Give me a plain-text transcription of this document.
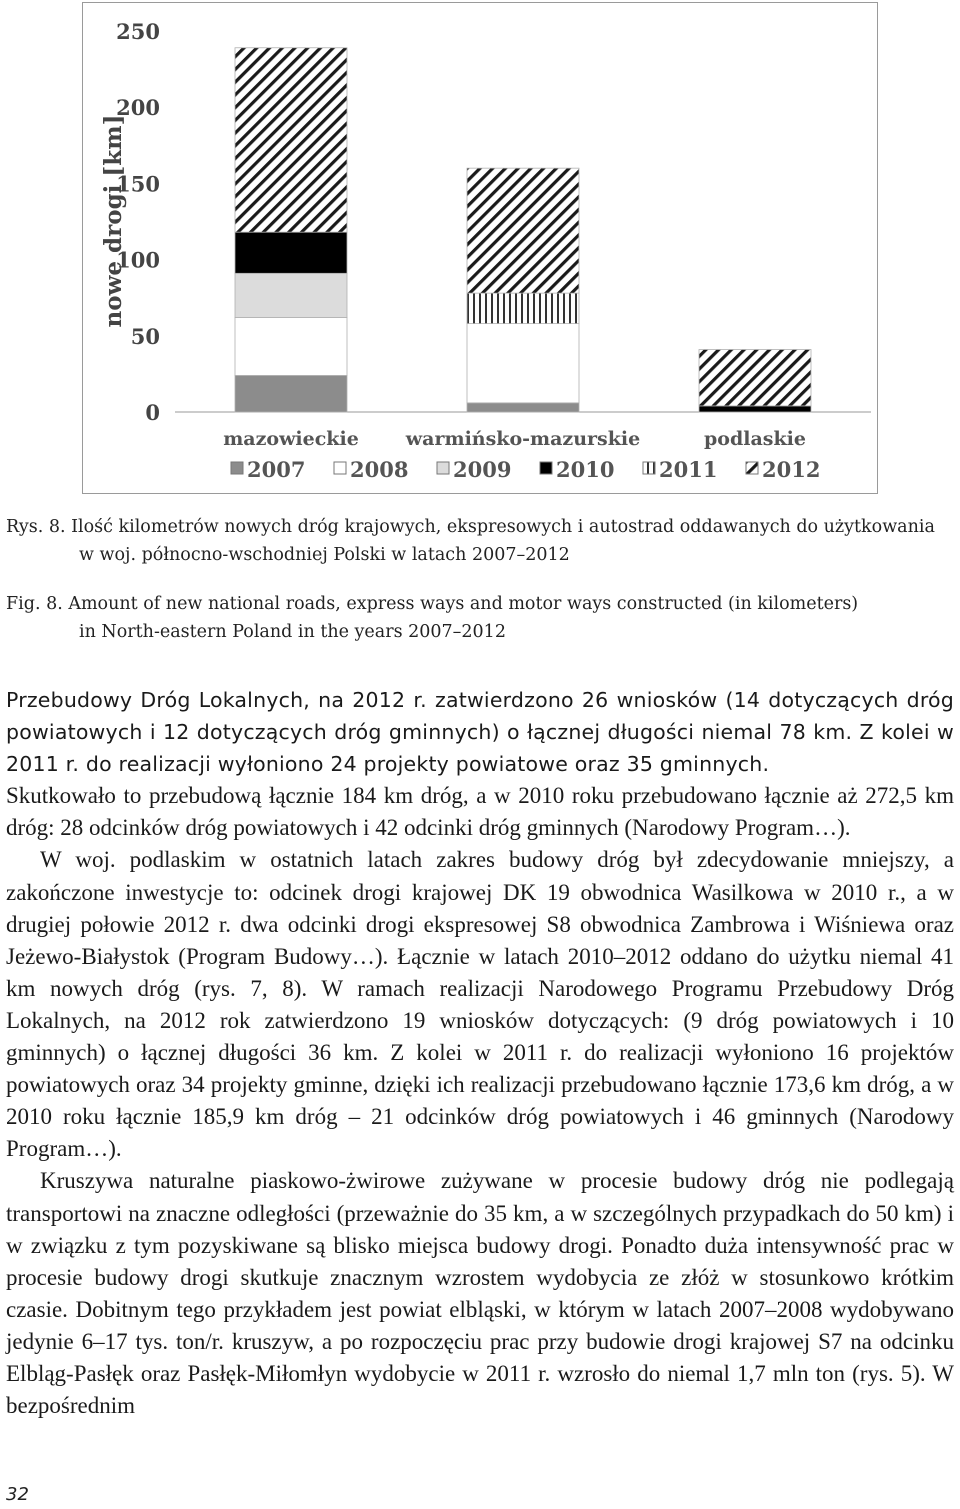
0
50
100
150
200
250
nowe drogi [km]
mazowieckie warmińsko-mazurskie	podlaskie
2007 2008 2009 2010 2011 2012
Rys. 8. Ilość kilometrów nowych dróg krajowych, ekspresowych i autostrad oddawanych do użytkowania
w woj. północno-wschodniej Polski w latach 2007–2012
Fig. 8. Amount of new national roads, express ways and motor ways constructed (in kilometers)
in North-eastern Poland in the years 2007–2012

Przebudowy Dróg Lokalnych, na 2012 r. zatwierdzono 26 wniosków (14 dotyczących dróg powiatowych i 12 dotyczących dróg gminnych) o łącznej długości niemal 78 km. Z kolei w 2011 r. do realizacji wyłoniono 24 projekty powiatowe oraz 35 gminnych.

Skutkowało to przebudową łącznie 184 km dróg, a w 2010 roku przebudowano łącznie aż 272,5 km dróg: 28 odcinków dróg powiatowych i 42 odcinki dróg gminnych (Narodowy Program…).

W woj. podlaskim w ostatnich latach zakres budowy dróg był zdecydowanie mniejszy, a zakończone inwestycje to: odcinek drogi krajowej DK 19 obwodnica Wasilkowa w 2010 r., a w drugiej połowie 2012 r. dwa odcinki drogi ekspresowej S8 obwodnica Zambrowa i Wiśniewa oraz Jeżewo-Białystok (Program Budowy…). Łącznie w latach 2010–2012 oddano do użytku niemal 41 km nowych dróg (rys. 7, 8). W ramach realizacji Narodowego Programu Przebudowy Dróg Lokalnych, na 2012 rok zatwierdzono 19 wniosków dotyczących: (9 dróg powiatowych i 10 gminnych) o łącznej długości 36 km. Z kolei w 2011 r. do realizacji wyłoniono 16 projektów powiatowych oraz 34 projekty gminne, dzięki ich realizacji przebudowano łącznie 173,6 km dróg, a w 2010 roku łącznie 185,9 km dróg – 21 odcinków dróg powiatowych i 46 gminnych (Narodowy Program…).

Kruszywa naturalne piaskowo-żwirowe zużywane w procesie budowy dróg nie podlegają transportowi na znaczne odległości (przeważnie do 35 km, a w szczególnych przypadkach do 50 km) i w związku z tym pozyskiwane są blisko miejsca budowy drogi. Ponadto duża intensywność prac w procesie budowy drogi skutkuje znacznym wzrostem wydobycia ze złóż w stosunkowo krótkim czasie. Dobitnym tego przykładem jest powiat elbląski, w którym w latach 2007–2008 wydobywano jedynie 6–17 tys. ton/r. kruszyw, a po rozpoczęciu prac przy budowie drogi krajowej S7 na odcinku Elbląg-Pasłęk oraz Pasłęk-Miłomłyn wydobycie w 2011 r. wzrosło do niemal 1,7 mln ton (rys. 5). W bezpośrednim

32
